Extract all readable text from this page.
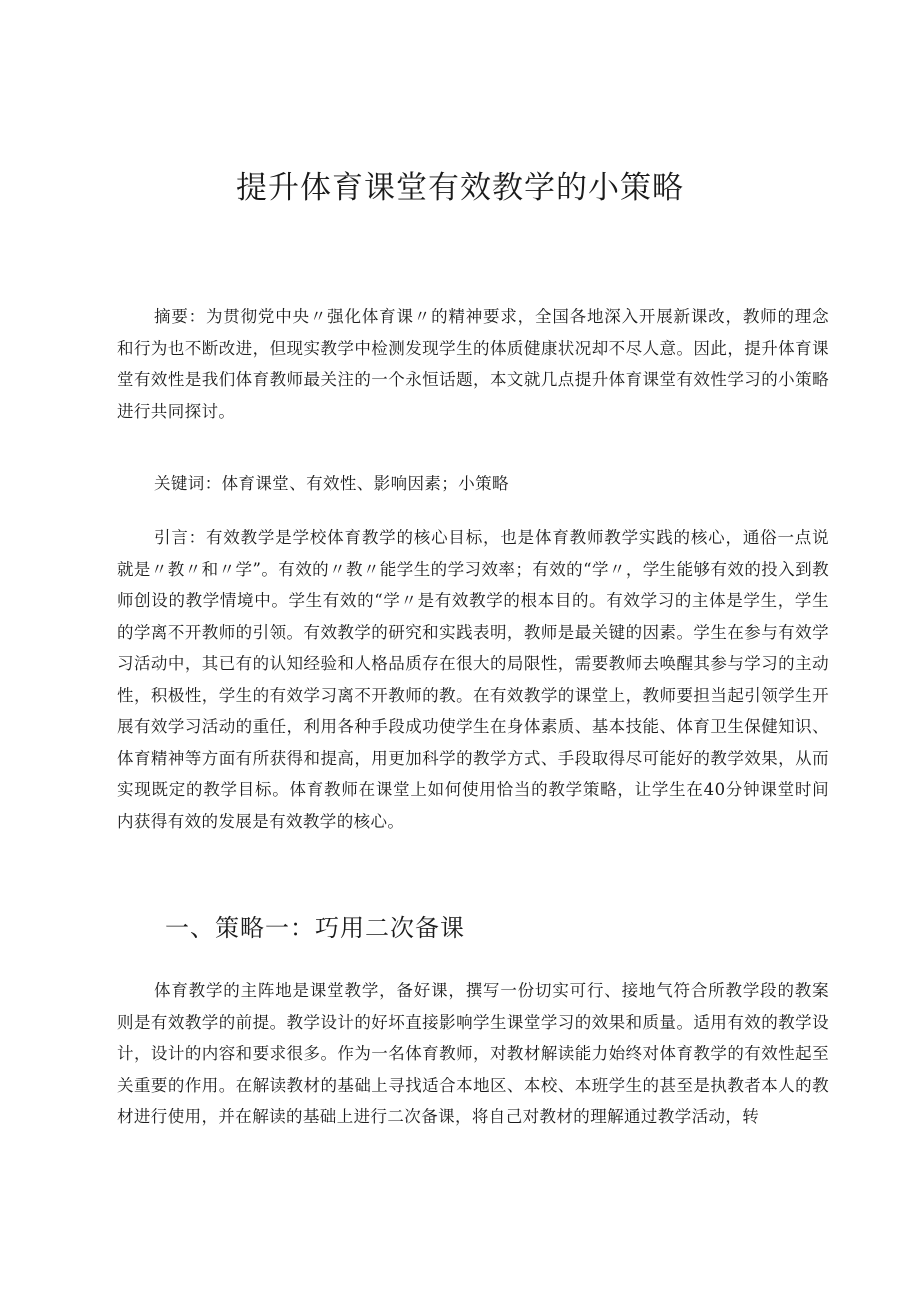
提升体育课堂有效教学的小策略

摘要：为贯彻党中央〃强化体育课〃的精神要求，全国各地深入开展新课改，教师的理念和行为也不断改进，但现实教学中检测发现学生的体质健康状况却不尽人意。因此，提升体育课堂有效性是我们体育教师最关注的一个永恒话题，本文就几点提升体育课堂有效性学习的小策略进行共同探讨。

关键词：体育课堂、有效性、影响因素；小策略

引言：有效教学是学校体育教学的核心目标，也是体育教师教学实践的核心，通俗一点说就是〃教〃和〃学”。有效的〃教〃能学生的学习效率；有效的“学〃，学生能够有效的投入到教师创设的教学情境中。学生有效的“学〃是有效教学的根本目的。有效学习的主体是学生，学生的学离不开教师的引领。有效教学的研究和实践表明，教师是最关键的因素。学生在参与有效学习活动中，其已有的认知经验和人格品质存在很大的局限性，需要教师去唤醒其参与学习的主动性，积极性，学生的有效学习离不开教师的教。在有效教学的课堂上，教师要担当起引领学生开展有效学习活动的重任，利用各种手段成功使学生在身体素质、基本技能、体育卫生保健知识、体育精神等方面有所获得和提高，用更加科学的教学方式、手段取得尽可能好的教学效果，从而实现既定的教学目标。体育教师在课堂上如何使用恰当的教学策略，让学生在40分钟课堂时间内获得有效的发展是有效教学的核心。

一、策略一：巧用二次备课

体育教学的主阵地是课堂教学，备好课，撰写一份切实可行、接地气符合所教学段的教案则是有效教学的前提。教学设计的好坏直接影响学生课堂学习的效果和质量。适用有效的教学设计，设计的内容和要求很多。作为一名体育教师，对教材解读能力始终对体育教学的有效性起至关重要的作用。在解读教材的基础上寻找适合本地区、本校、本班学生的甚至是执教者本人的教材进行使用，并在解读的基础上进行二次备课，将自己对教材的理解通过教学活动，转
